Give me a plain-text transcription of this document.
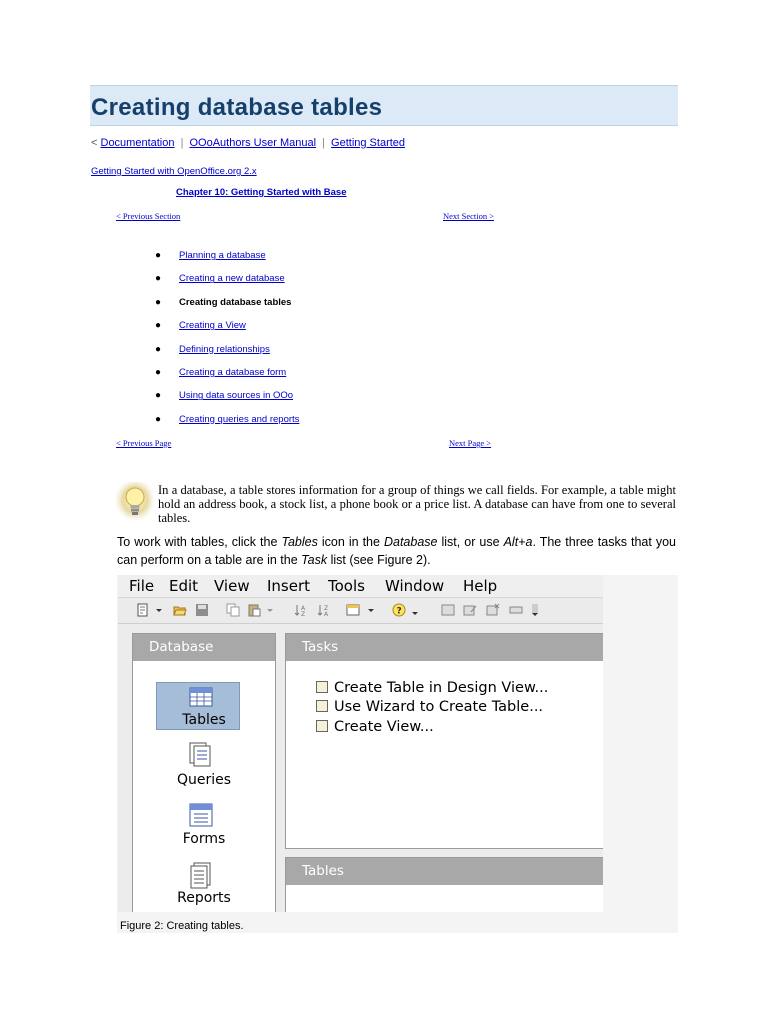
Creating database tables
< Documentation | OOoAuthors User Manual | Getting Started
Getting Started with OpenOffice.org 2.x
Chapter 10: Getting Started with Base
< Previous Section	Next Section >
● Planning a database
● Creating a new database
● Creating database tables
● Creating a View
● Defining relationships
● Creating a database form
● Using data sources in OOo
● Creating queries and reports
< Previous Page	Next Page >
In a database, a table stores information for a group of things we call fields. For example, a table might hold an address book, a stock list, a phone book or a price list. A database can have from one to several tables.
To work with tables, click the Tables icon in the Database list, or use Alt+a. The three tasks that you can perform on a table are in the Task list (see Figure 2).
File Edit View Insert Tools Window Help
A
Z
Z
A	?
Database
Tables
Queries
Forms
Reports
Tasks
Create Table in Design View...
Use Wizard to Create Table...
Create View...
Tables
Figure 2: Creating tables.
